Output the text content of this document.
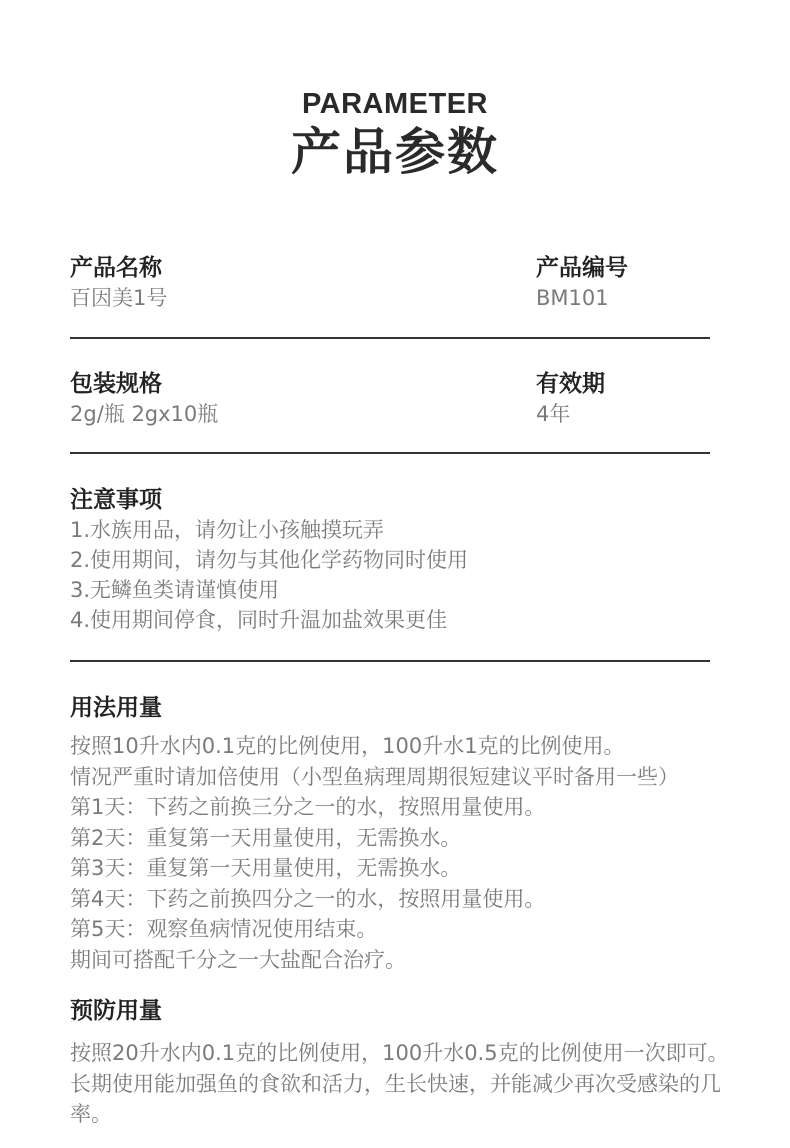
PARAMETER
产品参数
产品名称
百因美1号
产品编号
BM101
包装规格
2g/瓶 2gx10瓶
有效期
4年
注意事项
1.水族用品，请勿让小孩触摸玩弄
2.使用期间，请勿与其他化学药物同时使用
3.无鳞鱼类请谨慎使用
4.使用期间停食，同时升温加盐效果更佳
用法用量
按照10升水内0.1克的比例使用，100升水1克的比例使用。
情况严重时请加倍使用（小型鱼病理周期很短建议平时备用一些）
第1天：下药之前换三分之一的水，按照用量使用。
第2天：重复第一天用量使用，无需换水。
第3天：重复第一天用量使用，无需换水。
第4天：下药之前换四分之一的水，按照用量使用。
第5天：观察鱼病情况使用结束。
期间可搭配千分之一大盐配合治疗。
预防用量
按照20升水内0.1克的比例使用，100升水0.5克的比例使用一次即可。长期使用能加强鱼的食欲和活力，生长快速，并能减少再次受感染的几率。
